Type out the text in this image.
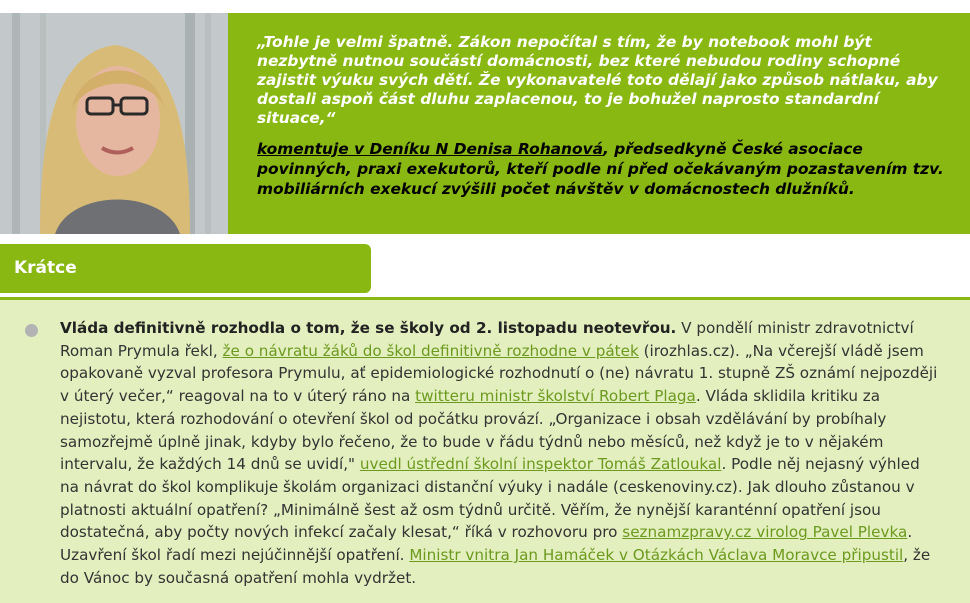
„Tohle je velmi špatně. Zákon nepočítal s tím, že by notebook mohl být nezbytně nutnou součástí domácnosti, bez které nebudou rodiny schopné zajistit výuku svých dětí. Že vykonavatelé toto dělají jako způsob nátlaku, aby dostali aspoň část dluhu zaplacenou, to je bohužel naprosto standardní situace,“
komentuje v Deníku N Denisa Rohanová, předsedkyně České asociace povinných, praxi exekutorů, kteří podle ní před očekávaným pozastavením tzv. mobiliárních exekucí zvýšili počet návštěv v domácnostech dlužníků.
Krátce
Vláda definitivně rozhodla o tom, že se školy od 2. listopadu neotevřou. V pondělí ministr zdravotnictví Roman Prymula řekl, že o návratu žáků do škol definitivně rozhodne v pátek (irozhlas.cz). „Na včerejší vládě jsem opakovaně vyzval profesora Prymulu, ať epidemiologické rozhodnutí o (ne) návratu 1. stupně ZŠ oznámí nejpozději v úterý večer,“ reagoval na to v úterý ráno na twitteru ministr školství Robert Plaga. Vláda sklidila kritiku za nejistotu, která rozhodování o otevření škol od počátku provází. „Organizace i obsah vzdělávání by probíhaly samozřejmě úplně jinak, kdyby bylo řečeno, že to bude v řádu týdnů nebo měsíců, než když je to v nějakém intervalu, že každých 14 dnů se uvidí," uvedl ústřední školní inspektor Tomáš Zatloukal. Podle něj nejasný výhled na návrat do škol komplikuje školám organizaci distanční výuky i nadále (ceskenoviny.cz). Jak dlouho zůstanou v platnosti aktuální opatření? „Minimálně šest až osm týdnů určitě. Věřím, že nynější karanténní opatření jsou dostatečná, aby počty nových infekcí začaly klesat,“ říká v rozhovoru pro seznamzpravy.cz virolog Pavel Plevka. Uzavření škol řadí mezi nejúčinnější opatření. Ministr vnitra Jan Hamáček v Otázkách Václava Moravce připustil, že do Vánoc by současná opatření mohla vydržet.
